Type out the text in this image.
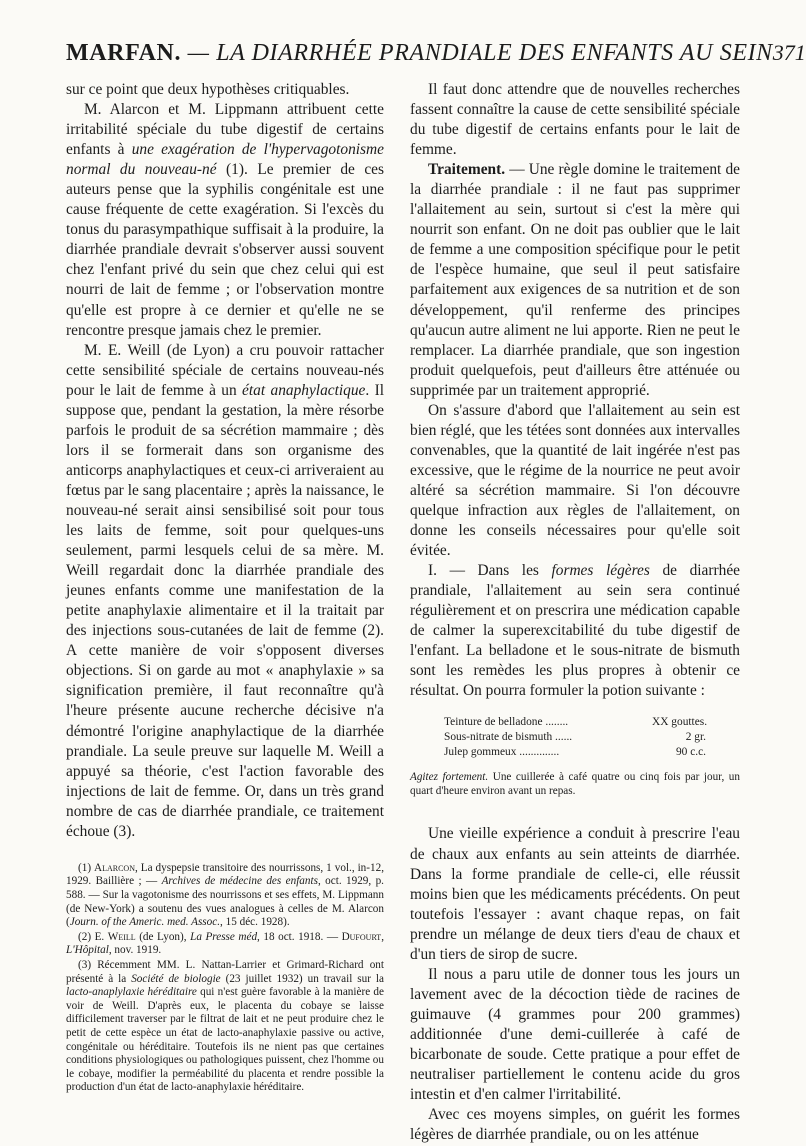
MARFAN. — LA DIARRHÉE PRANDIALE DES ENFANTS AU SEIN 371

sur ce point que deux hypothèses critiquables.

M. Alarcon et M. Lippmann attribuent cette irritabilité spéciale du tube digestif de certains enfants à une exagération de l'hypervagotonisme normal du nouveau-né (1). Le premier de ces auteurs pense que la syphilis congénitale est une cause fréquente de cette exagération. Si l'excès du tonus du parasympathique suffisait à la produire, la diarrhée prandiale devrait s'observer aussi souvent chez l'enfant privé du sein que chez celui qui est nourri de lait de femme ; or l'observation montre qu'elle est propre à ce dernier et qu'elle ne se rencontre presque jamais chez le premier.

M. E. Weill (de Lyon) a cru pouvoir rattacher cette sensibilité spéciale de certains nouveau-nés pour le lait de femme à un état anaphylactique. Il suppose que, pendant la gestation, la mère résorbe parfois le produit de sa sécrétion mammaire ; dès lors il se formerait dans son organisme des anticorps anaphylactiques et ceux-ci arriveraient au fœtus par le sang placentaire ; après la naissance, le nouveau-né serait ainsi sensibilisé soit pour tous les laits de femme, soit pour quelques-uns seulement, parmi lesquels celui de sa mère. M. Weill regardait donc la diarrhée prandiale des jeunes enfants comme une manifestation de la petite anaphylaxie alimentaire et il la traitait par des injections sous-cutanées de lait de femme (2). A cette manière de voir s'opposent diverses objections. Si on garde au mot « anaphylaxie » sa signification première, il faut reconnaître qu'à l'heure présente aucune recherche décisive n'a démontré l'origine anaphylactique de la diarrhée prandiale. La seule preuve sur laquelle M. Weill a appuyé sa théorie, c'est l'action favorable des injections de lait de femme. Or, dans un très grand nombre de cas de diarrhée prandiale, ce traitement échoue (3).

(1) Alarcon, La dyspepsie transitoire des nourrissons, 1 vol., in-12, 1929. Baillière ; — Archives de médecine des enfants, oct. 1929, p. 588. — Sur la vagotonisme des nourrissons et ses effets, M. Lippmann (de New-York) a soutenu des vues analogues à celles de M. Alarcon (Journ. of the Americ. med. Assoc., 15 déc. 1928).

(2) E. Weill (de Lyon), La Presse méd, 18 oct. 1918. — Dufourt, L'Hôpital, nov. 1919.

(3) Récemment MM. L. Nattan-Larrier et Grimard-Richard ont présenté à la Société de biologie (23 juillet 1932) un travail sur la lacto-anaplylaxie héréditaire qui n'est guère favorable à la manière de voir de Weill. D'après eux, le placenta du cobaye se laisse difficilement traverser par le filtrat de lait et ne peut produire chez le petit de cette espèce un état de lacto-anaphylaxie passive ou active, congénitale ou héréditaire. Toutefois ils ne nient pas que certaines conditions physiologiques ou pathologiques puissent, chez l'homme ou le cobaye, modifier la perméabilité du placenta et rendre possible la production d'un état de lacto-anaphylaxie héréditaire.

Il faut donc attendre que de nouvelles recherches fassent connaître la cause de cette sensibilité spéciale du tube digestif de certains enfants pour le lait de femme.

Traitement. — Une règle domine le traitement de la diarrhée prandiale : il ne faut pas supprimer l'allaitement au sein, surtout si c'est la mère qui nourrit son enfant. On ne doit pas oublier que le lait de femme a une composition spécifique pour le petit de l'espèce humaine, que seul il peut satisfaire parfaitement aux exigences de sa nutrition et de son développement, qu'il renferme des principes qu'aucun autre aliment ne lui apporte. Rien ne peut le remplacer. La diarrhée prandiale, que son ingestion produit quelquefois, peut d'ailleurs être atténuée ou supprimée par un traitement approprié.

On s'assure d'abord que l'allaitement au sein est bien réglé, que les tétées sont données aux intervalles convenables, que la quantité de lait ingérée n'est pas excessive, que le régime de la nourrice ne peut avoir altéré sa sécrétion mammaire. Si l'on découvre quelque infraction aux règles de l'allaitement, on donne les conseils nécessaires pour qu'elle soit évitée.

I. — Dans les formes légères de diarrhée prandiale, l'allaitement au sein sera continué régulièrement et on prescrira une médication capable de calmer la superexcitabilité du tube digestif de l'enfant. La belladone et le sous-nitrate de bismuth sont les remèdes les plus propres à obtenir ce résultat. On pourra formuler la potion suivante :

Teinture de belladone ........	XX gouttes.
Sous-nitrate de bismuth ......	2 gr.
Julep gommeux ..............	90 c.c.

Agitez fortement. Une cuillerée à café quatre ou cinq fois par jour, un quart d'heure environ avant un repas.

Une vieille expérience a conduit à prescrire l'eau de chaux aux enfants au sein atteints de diarrhée. Dans la forme prandiale de celle-ci, elle réussit moins bien que les médicaments précédents. On peut toutefois l'essayer : avant chaque repas, on fait prendre un mélange de deux tiers d'eau de chaux et d'un tiers de sirop de sucre.

Il nous a paru utile de donner tous les jours un lavement avec de la décoction tiède de racines de guimauve (4 grammes pour 200 grammes) additionnée d'une demi-cuillerée à café de bicarbonate de soude. Cette pratique a pour effet de neutraliser partiellement le contenu acide du gros intestin et d'en calmer l'irritabilité.

Avec ces moyens simples, on guérit les formes légères de diarrhée prandiale, ou on les atténue
